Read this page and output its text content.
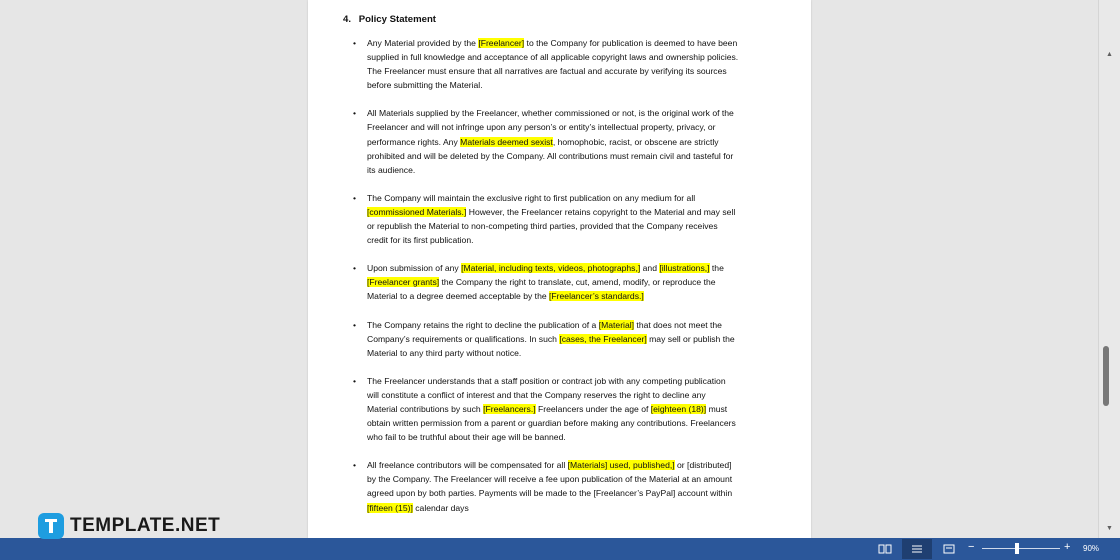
4. Policy Statement
• Any Material provided by the [Freelancer] to the Company for publication is deemed to have been
supplied in full knowledge and acceptance of all applicable copyright laws and ownership policies.
The Freelancer must ensure that all narratives are factual and accurate by verifying its sources
before submitting the Material.
• All Materials supplied by the Freelancer, whether commissioned or not, is the original work of the
Freelancer and will not infringe upon any person’s or entity’s intellectual property, privacy, or
performance rights. Any Materials deemed sexist, homophobic, racist, or obscene are strictly
prohibited and will be deleted by the Company. All contributions must remain civil and tasteful for
its audience.
• The Company will maintain the exclusive right to first publication on any medium for all
[commissioned Materials.] However, the Freelancer retains copyright to the Material and may sell
or republish the Material to non-competing third parties, provided that the Company receives
credit for its first publication.
• Upon submission of any [Material, including texts, videos, photographs,] and [illustrations,] the
[Freelancer grants] the Company the right to translate, cut, amend, modify, or reproduce the
Material to a degree deemed acceptable by the [Freelancer’s standards.]
• The Company retains the right to decline the publication of a [Material] that does not meet the
Company’s requirements or qualifications. In such [cases, the Freelancer] may sell or publish the
Material to any third party without notice.
• The Freelancer understands that a staff position or contract job with any competing publication
will constitute a conflict of interest and that the Company reserves the right to decline any
Material contributions by such [Freelancers.] Freelancers under the age of [eighteen (18)] must
obtain written permission from a parent or guardian before making any contributions. Freelancers
who fail to be truthful about their age will be banned.
• All freelance contributors will be compensated for all [Materials] used, published,] or [distributed]
by the Company. The Freelancer will receive a fee upon publication of the Material at an amount
agreed upon by both parties. Payments will be made to the [Freelancer’s PayPal] account within
[fifteen (15)] calendar days
▲
▼
−	+ 90%
TEMPLATE.NET
